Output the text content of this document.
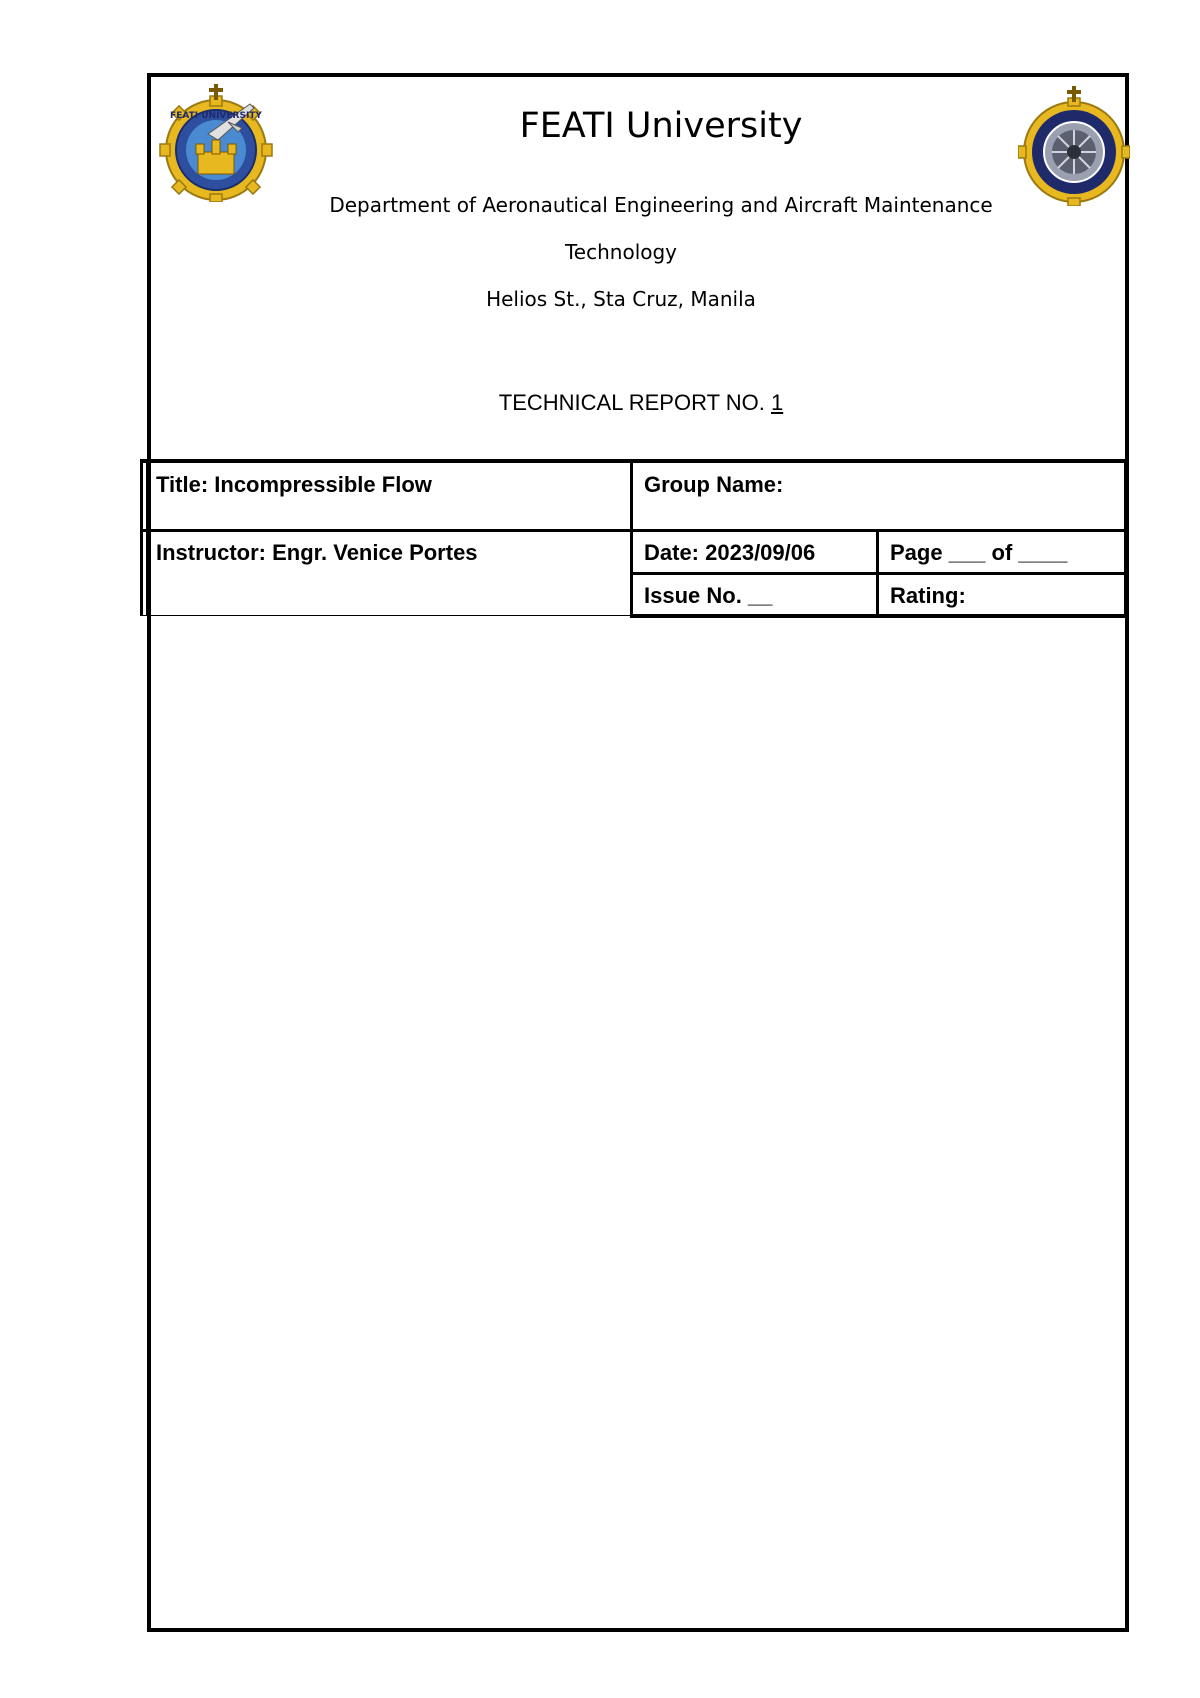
FEATI UNIVERSITY	FEATI University
Department of Aeronautical Engineering and Aircraft Maintenance
Technology
Helios St., Sta Cruz, Manila
TECHNICAL REPORT NO. 1
Title: Incompressible Flow	Group Name:
Instructor: Engr. Venice Portes	Date: 2023/09/06	Page ___ of ____
Issue No. __	Rating:
